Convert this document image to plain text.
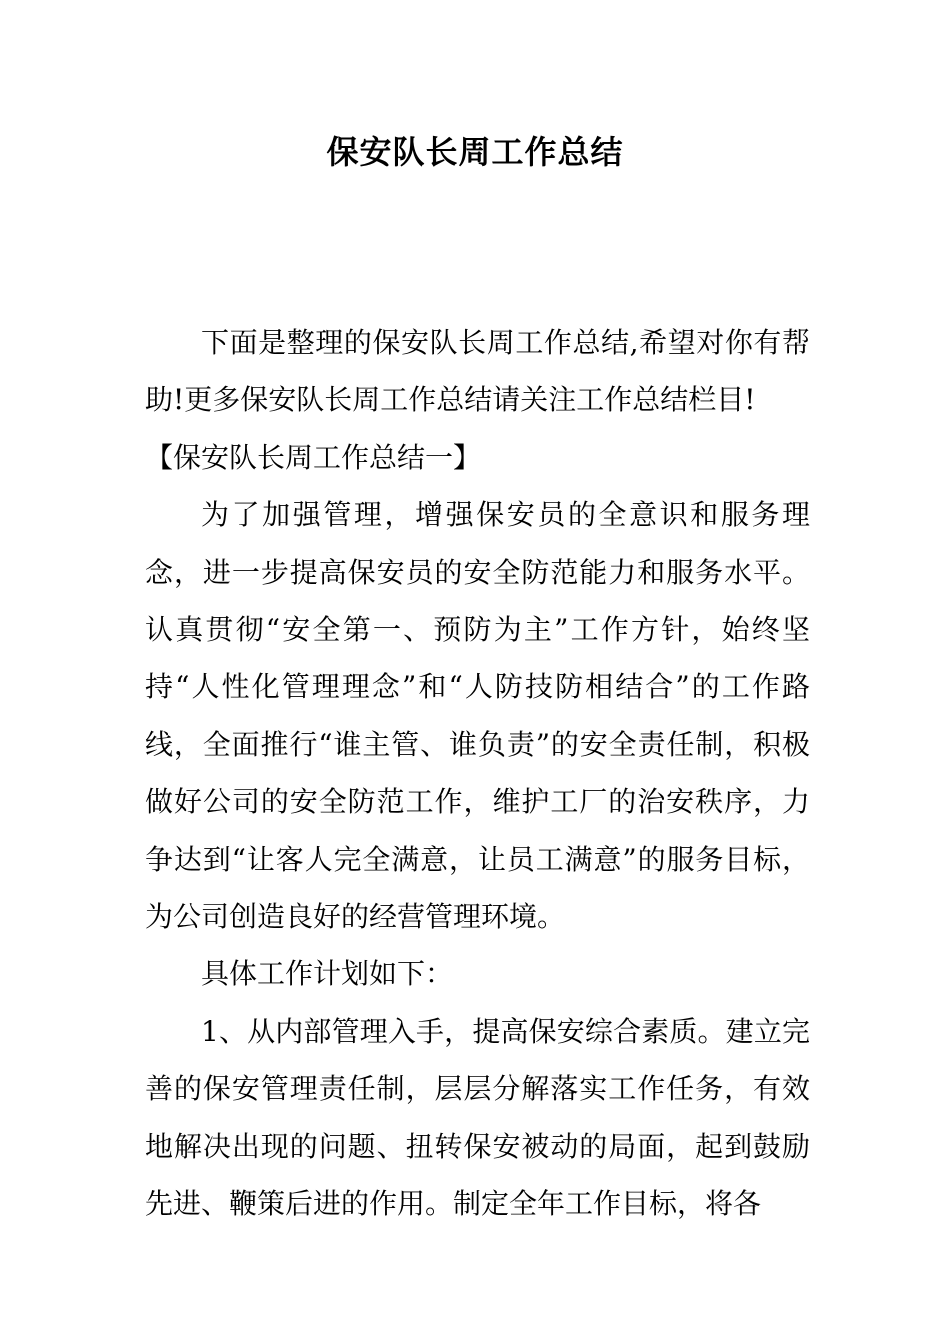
保安队长周工作总结

下面是整理的保安队长周工作总结,希望对你有帮助!更多保安队长周工作总结请关注工作总结栏目!

【保安队长周工作总结一】

为了加强管理，增强保安员的全意识和服务理念，进一步提高保安员的安全防范能力和服务水平。认真贯彻“安全第一、预防为主”工作方针，始终坚持“人性化管理理念”和“人防技防相结合”的工作路线，全面推行“谁主管、谁负责”的安全责任制，积极做好公司的安全防范工作，维护工厂的治安秩序，力争达到“让客人完全满意，让员工满意”的服务目标，为公司创造良好的经营管理环境。

具体工作计划如下：

1、从内部管理入手，提高保安综合素质。建立完善的保安管理责任制，层层分解落实工作任务，有效地解决出现的问题、扭转保安被动的局面，起到鼓励先进、鞭策后进的作用。制定全年工作目标，将各
